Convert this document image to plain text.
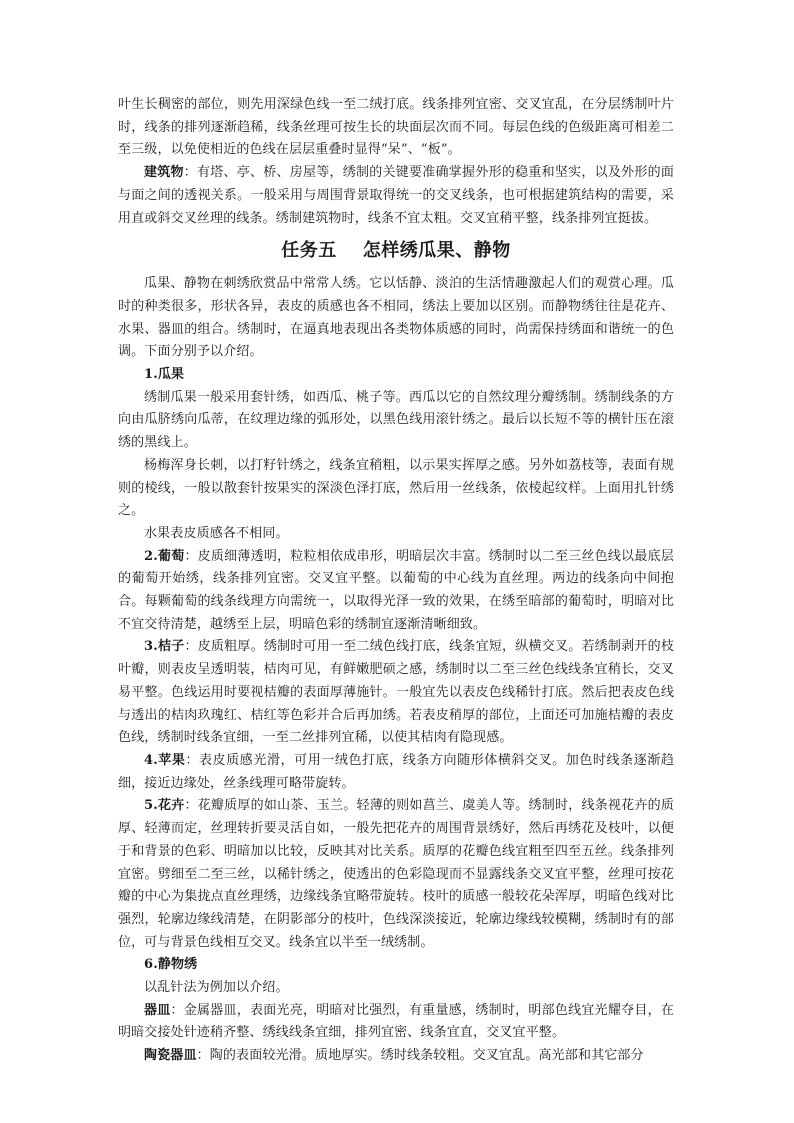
叶生长稠密的部位，则先用深绿色线一至二绒打底。线条排列宜密、交叉宜乱，在分层绣制叶片时，线条的排列逐渐趋稀，线条丝理可按生长的块面层次而不同。每层色线的色级距离可相差二至三级，以免使相近的色线在层层重叠时显得“呆”、“板”。

建筑物：有塔、亭、桥、房屋等，绣制的关键要准确掌握外形的稳重和坚实，以及外形的面与面之间的透视关系。一般采用与周围背景取得统一的交叉线条，也可根据建筑结构的需要，采用直或斜交叉丝理的线条。绣制建筑物时，线条不宜太粗。交叉宜稍平整，线条排列宜挺拔。

任务五 怎样绣瓜果、静物

瓜果、静物在刺绣欣赏品中常常人绣。它以恬静、淡泊的生活情趣激起人们的观赏心理。瓜时的种类很多，形状各异，表皮的质感也各不相同，绣法上要加以区别。而静物绣往往是花卉、水果、器皿的组合。绣制时，在逼真地表现出各类物体质感的同时，尚需保持绣面和谐统一的色调。下面分别予以介绍。

1.瓜果

绣制瓜果一般采用套针绣，如西瓜、桃子等。西瓜以它的自然纹理分瓣绣制。绣制线条的方向由瓜脐绣向瓜蒂，在纹理边缘的弧形处，以黑色线用滚针绣之。最后以长短不等的横针压在滚绣的黑线上。

杨梅浑身长刺，以打籽针绣之，线条宜稍粗，以示果实挥厚之感。另外如荔枝等，表面有规则的棱线，一般以散套针按果实的深淡色泽打底，然后用一丝线条，依棱起纹样。上面用扎针绣之。

水果表皮质感各不相同。

2.葡萄：皮质细薄透明，粒粒相依成串形，明暗层次丰富。绣制时以二至三丝色线以最底层的葡萄开始绣，线条排列宜密。交叉宜平整。以葡萄的中心线为直丝理。两边的线条向中间抱合。每颗葡萄的线条线理方向需统一，以取得光泽一致的效果，在绣至暗部的葡萄时，明暗对比不宜交待清楚，越绣至上层，明暗色彩的绣制宜逐渐清晰细致。

3.桔子：皮质粗厚。绣制时可用一至二绒色线打底，线条宜短，纵横交叉。若绣制剥开的枝叶瓣，则表皮呈透明装，桔肉可见，有鲜嫩肥硕之感，绣制时以二至三丝色线线条宜稍长，交叉易平整。色线运用时要视桔瓣的表面厚薄施针。一般宜先以表皮色线稀针打底。然后把表皮色线与透出的桔肉玖瑰红、桔红等色彩并合后再加绣。若表皮稍厚的部位，上面还可加施桔瓣的表皮色线，绣制时线条宜细，一至二丝排列宜稀，以使其桔肉有隐现感。

4.苹果：表皮质感光滑，可用一绒色打底，线条方向随形体横斜交叉。加色时线条逐渐趋细，接近边缘处，丝条线理可略带旋转。

5.花卉：花瓣质厚的如山茶、玉兰。轻薄的则如菖兰、虞美人等。绣制时，线条视花卉的质厚、轻薄而定，丝理转折要灵活自如，一般先把花卉的周围背景绣好，然后再绣花及枝叶，以便于和背景的色彩、明暗加以比较，反映其对比关系。质厚的花瓣色线宜粗至四至五丝。线条排列宜密。劈细至二至三丝，以稀针绣之，使透出的色彩隐现而不显露线条交叉宜平整，丝理可按花瓣的中心为集拢点直丝理绣，边缘线条宜略带旋转。枝叶的质感一般较花朵浑厚，明暗色线对比强烈，轮廓边缘线清楚，在阴影部分的枝叶，色线深淡接近，轮廓边缘线较模糊，绣制时有的部位，可与背景色线相互交叉。线条宜以半至一绒绣制。

6.静物绣

以乱针法为例加以介绍。

器皿：金属器皿，表面光亮，明暗对比强烈，有重量感，绣制时，明部色线宜光耀夺目，在明暗交接处针迹稍齐整、绣线线条宜细，排列宜密、线条宜直，交叉宜平整。

陶瓷器皿：陶的表面较光滑。质地厚实。绣时线条较粗。交叉宜乱。高光部和其它部分
